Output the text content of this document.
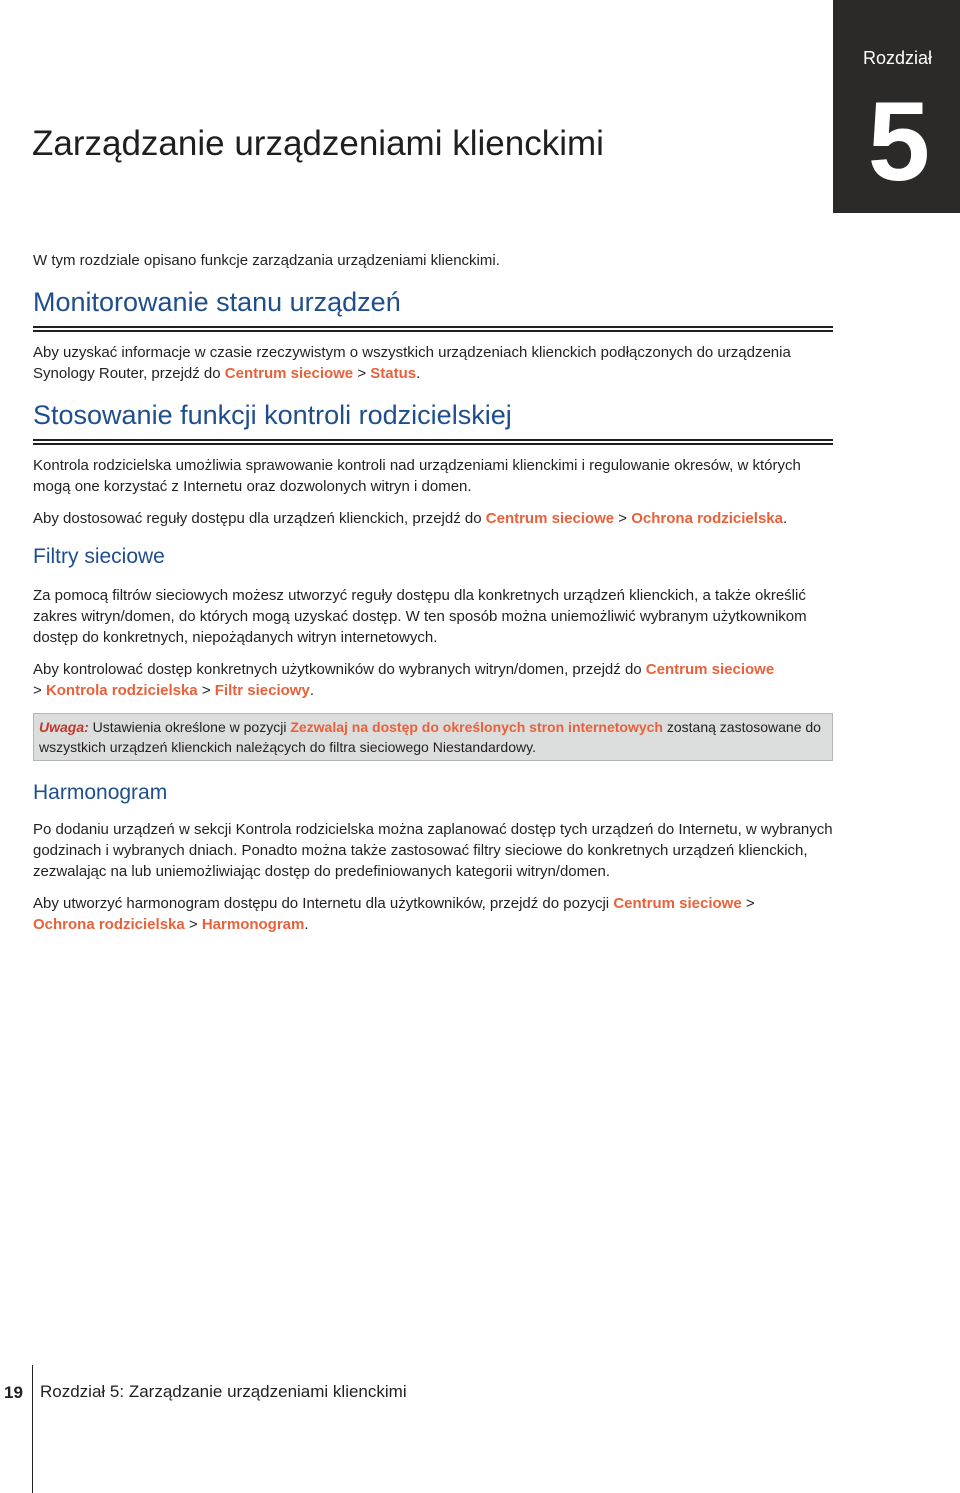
Rozdział
5
Zarządzanie urządzeniami klienckimi

W tym rozdziale opisano funkcje zarządzania urządzeniami klienckimi.

Monitorowanie stanu urządzeń

Aby uzyskać informacje w czasie rzeczywistym o wszystkich urządzeniach klienckich podłączonych do urządzenia Synology Router, przejdź do Centrum sieciowe > Status.

Stosowanie funkcji kontroli rodzicielskiej

Kontrola rodzicielska umożliwia sprawowanie kontroli nad urządzeniami klienckimi i regulowanie okresów, w których mogą one korzystać z Internetu oraz dozwolonych witryn i domen.

Aby dostosować reguły dostępu dla urządzeń klienckich, przejdź do Centrum sieciowe > Ochrona rodzicielska.

Filtry sieciowe

Za pomocą filtrów sieciowych możesz utworzyć reguły dostępu dla konkretnych urządzeń klienckich, a także określić zakres witryn/domen, do których mogą uzyskać dostęp. W ten sposób można uniemożliwić wybranym użytkownikom dostęp do konkretnych, niepożądanych witryn internetowych.

Aby kontrolować dostęp konkretnych użytkowników do wybranych witryn/domen, przejdź do Centrum sieciowe
> Kontrola rodzicielska > Filtr sieciowy.

Uwaga: Ustawienia określone w pozycji Zezwalaj na dostęp do określonych stron internetowych zostaną zastosowane do wszystkich urządzeń klienckich należących do filtra sieciowego Niestandardowy.
Harmonogram

Po dodaniu urządzeń w sekcji Kontrola rodzicielska można zaplanować dostęp tych urządzeń do Internetu, w wybranych godzinach i wybranych dniach. Ponadto można także zastosować filtry sieciowe do konkretnych urządzeń klienckich, zezwalając na lub uniemożliwiając dostęp do predefiniowanych kategorii witryn/domen.

Aby utworzyć harmonogram dostępu do Internetu dla użytkowników, przejdź do pozycji Centrum sieciowe >
Ochrona rodzicielska > Harmonogram.

19 Rozdział 5: Zarządzanie urządzeniami klienckimi
